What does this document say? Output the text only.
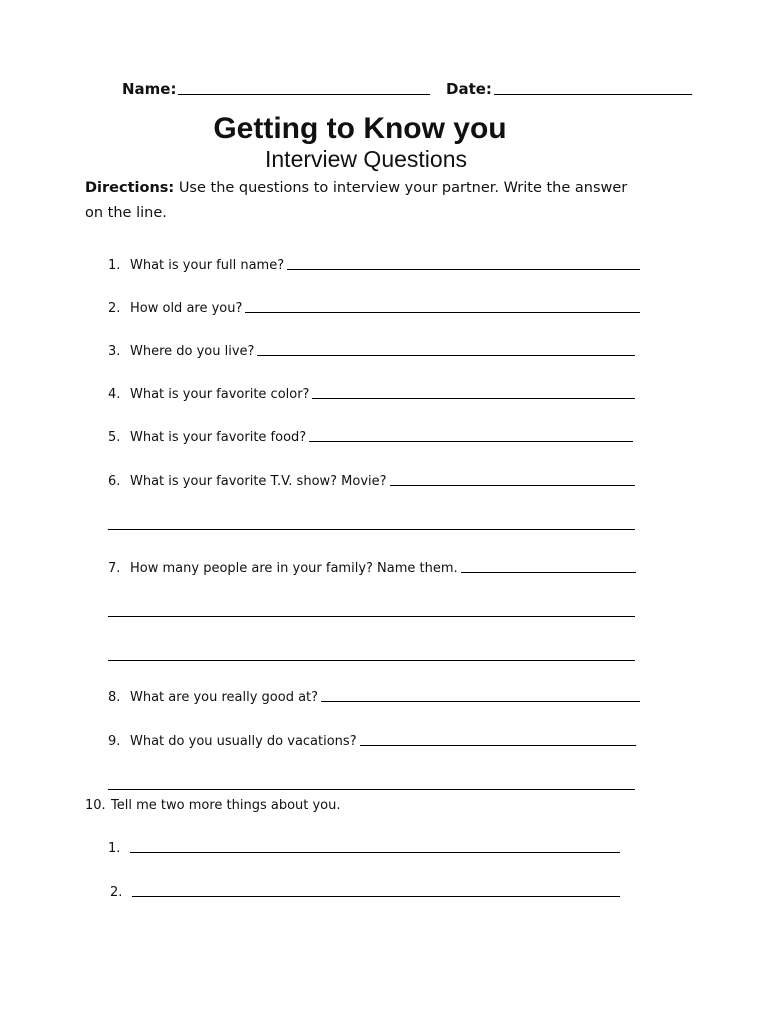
Name:	Date:
Getting to Know you
Interview Questions
Directions: Use the questions to interview your partner. Write the answer
on the line.
1. What is your full name?
2. How old are you?
3. Where do you live?
4. What is your favorite color?
5. What is your favorite food?
6. What is your favorite T.V. show? Movie?
7. How many people are in your family? Name them.
8. What are you really good at?
9. What do you usually do vacations?
10. Tell me two more things about you.
1.
2.
